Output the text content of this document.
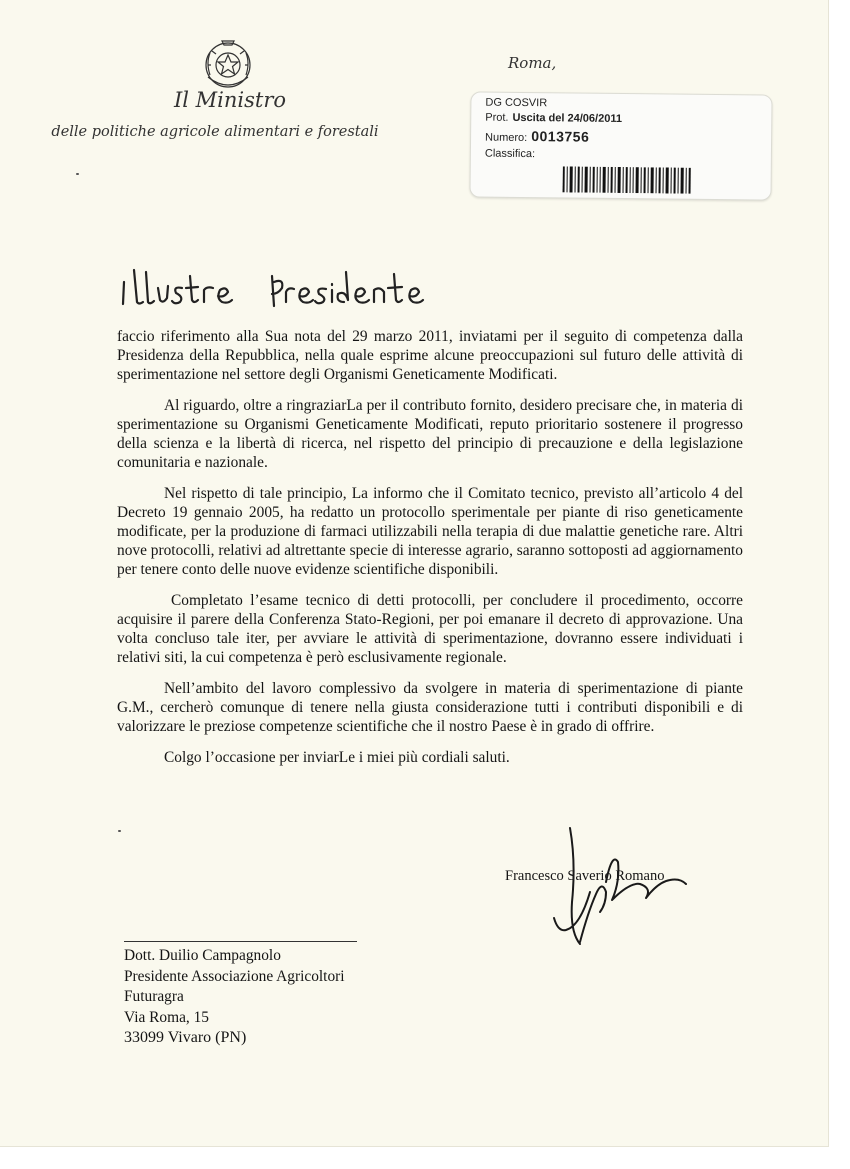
Il Ministro
delle politiche agricole alimentari e forestali
Roma,
DG COSVIR
Prot. Uscita del 24/06/2011
Numero: 0013756
Classifica:

faccio riferimento alla Sua nota del 29 marzo 2011, inviatami per il seguito di competenza dalla Presidenza della Repubblica, nella quale esprime alcune preoccupazioni sul futuro delle attività di sperimentazione nel settore degli Organismi Geneticamente Modificati.

Al riguardo, oltre a ringraziarLa per il contributo fornito, desidero precisare che, in materia di sperimentazione su Organismi Geneticamente Modificati, reputo prioritario sostenere il progresso della scienza e la libertà di ricerca, nel rispetto del principio di precauzione e della legislazione comunitaria e nazionale.

Nel rispetto di tale principio, La informo che il Comitato tecnico, previsto all’articolo 4 del Decreto 19 gennaio 2005, ha redatto un protocollo sperimentale per piante di riso geneticamente modificate, per la produzione di farmaci utilizzabili nella terapia di due malattie genetiche rare. Altri nove protocolli, relativi ad altrettante specie di interesse agrario, saranno sottoposti ad aggiornamento per tenere conto delle nuove evidenze scientifiche disponibili.

Completato l’esame tecnico di detti protocolli, per concludere il procedimento, occorre acquisire il parere della Conferenza Stato-Regioni, per poi emanare il decreto di approvazione. Una volta concluso tale iter, per avviare le attività di sperimentazione, dovranno essere individuati i relativi siti, la cui competenza è però esclusivamente regionale.

Nell’ambito del lavoro complessivo da svolgere in materia di sperimentazione di piante G.M., cercherò comunque di tenere nella giusta considerazione tutti i contributi disponibili e di valorizzare le preziose competenze scientifiche che il nostro Paese è in grado di offrire.

Colgo l’occasione per inviarLe i miei più cordiali saluti.

Francesco Saverio Romano
Dott. Duilio Campagnolo
Presidente Associazione Agricoltori
Futuragra
Via Roma, 15
33099 Vivaro (PN)
